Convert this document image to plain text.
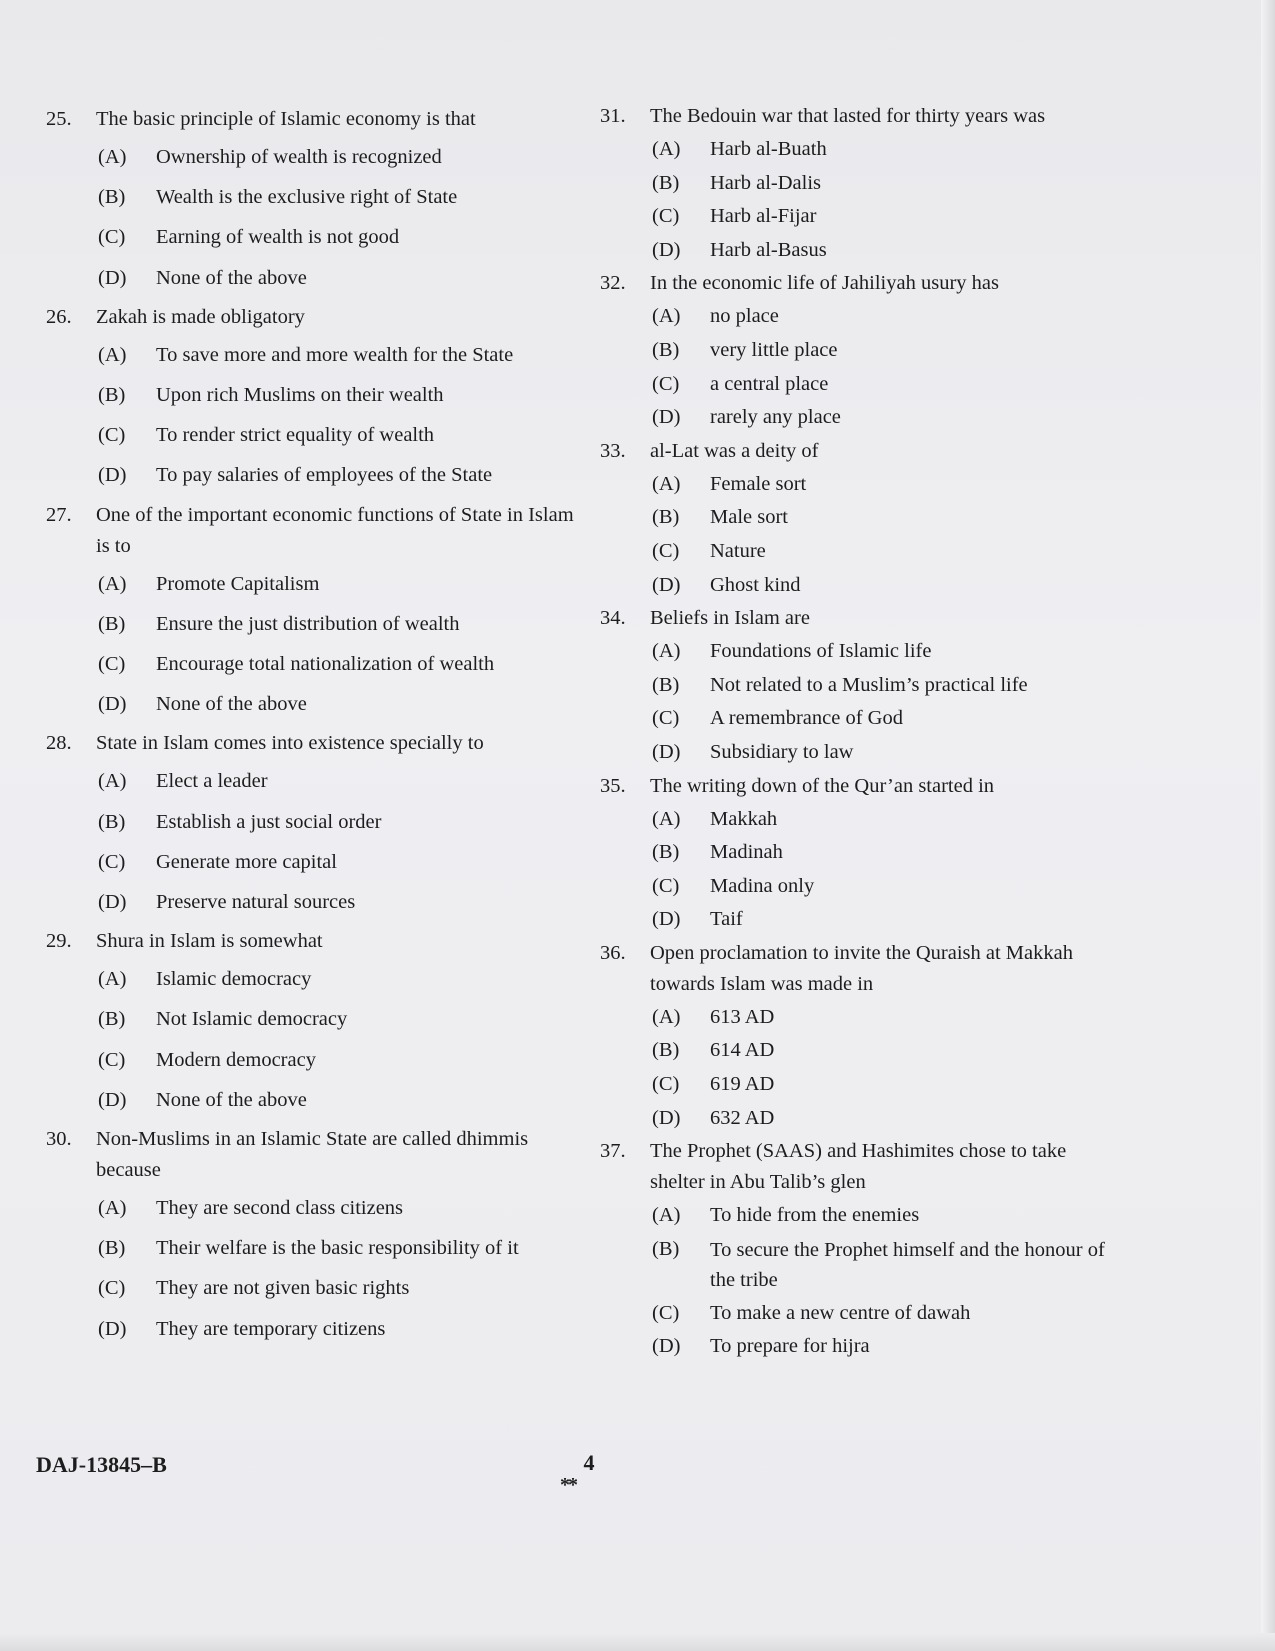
25.	The basic principle of Islamic economy is that
(A)	Ownership of wealth is recognized
(B)	Wealth is the exclusive right of State
(C)	Earning of wealth is not good
(D)	None of the above
26.	Zakah is made obligatory
(A)	To save more and more wealth for the State
(B)	Upon rich Muslims on their wealth
(C)	To render strict equality of wealth
(D)	To pay salaries of employees of the State
27.	One of the important economic functions of State in Islam is to
(A)	Promote Capitalism
(B)	Ensure the just distribution of wealth
(C)	Encourage total nationalization of wealth
(D)	None of the above
28.	State in Islam comes into existence specially to
(A)	Elect a leader
(B)	Establish a just social order
(C)	Generate more capital
(D)	Preserve natural sources
29.	Shura in Islam is somewhat
(A)	Islamic democracy
(B)	Not Islamic democracy
(C)	Modern democracy
(D)	None of the above
30.	Non-Muslims in an Islamic State are called dhimmis because
(A)	They are second class citizens
(B)	Their welfare is the basic responsibility of it
(C)	They are not given basic rights
(D)	They are temporary citizens
31.	The Bedouin war that lasted for thirty years was
(A)	Harb al-Buath
(B)	Harb al-Dalis
(C)	Harb al-Fijar
(D)	Harb al-Basus
32.	In the economic life of Jahiliyah usury has
(A)	no place
(B)	very little place
(C)	a central place
(D)	rarely any place
33.	al-Lat was a deity of
(A)	Female sort
(B)	Male sort
(C)	Nature
(D)	Ghost kind
34.	Beliefs in Islam are
(A)	Foundations of Islamic life
(B)	Not related to a Muslim’s practical life
(C)	A remembrance of God
(D)	Subsidiary to law
35.	The writing down of the Qur’an started in
(A)	Makkah
(B)	Madinah
(C)	Madina only
(D)	Taif
36.	Open proclamation to invite the Quraish at Makkah towards Islam was made in
(A)	613 AD
(B)	614 AD
(C)	619 AD
(D)	632 AD
37.	The Prophet (SAAS) and Hashimites chose to take shelter in Abu Talib’s glen
(A)	To hide from the enemies
(B)	To secure the Prophet himself and the honour of the tribe
(C)	To make a new centre of dawah
(D)	To prepare for hijra
DAJ-13845–B	4
**
